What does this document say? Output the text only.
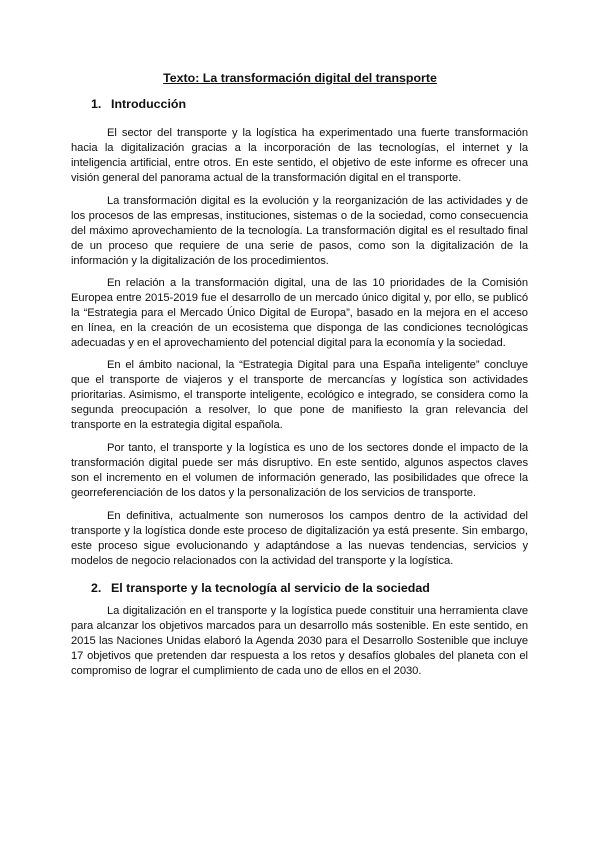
Texto: La transformación digital del transporte
1. Introducción

El sector del transporte y la logística ha experimentado una fuerte transformación hacia la digitalización gracias a la incorporación de las tecnologías, el internet y la inteligencia artificial, entre otros. En este sentido, el objetivo de este informe es ofrecer una visión general del panorama actual de la transformación digital en el transporte.

La transformación digital es la evolución y la reorganización de las actividades y de los procesos de las empresas, instituciones, sistemas o de la sociedad, como consecuencia del máximo aprovechamiento de la tecnología. La transformación digital es el resultado final de un proceso que requiere de una serie de pasos, como son la digitalización de la información y la digitalización de los procedimientos.

En relación a la transformación digital, una de las 10 prioridades de la Comisión Europea entre 2015-2019 fue el desarrollo de un mercado único digital y, por ello, se publicó la “Estrategia para el Mercado Único Digital de Europa”, basado en la mejora en el acceso en línea, en la creación de un ecosistema que disponga de las condiciones tecnológicas adecuadas y en el aprovechamiento del potencial digital para la economía y la sociedad.

En el ámbito nacional, la “Estrategia Digital para una España inteligente” concluye que el transporte de viajeros y el transporte de mercancías y logística son actividades prioritarias. Asimismo, el transporte inteligente, ecológico e integrado, se considera como la segunda preocupación a resolver, lo que pone de manifiesto la gran relevancia del transporte en la estrategia digital española.

Por tanto, el transporte y la logística es uno de los sectores donde el impacto de la transformación digital puede ser más disruptivo. En este sentido, algunos aspectos claves son el incremento en el volumen de información generado, las posibilidades que ofrece la georreferenciación de los datos y la personalización de los servicios de transporte.

En definitiva, actualmente son numerosos los campos dentro de la actividad del transporte y la logística donde este proceso de digitalización ya está presente. Sin embargo, este proceso sigue evolucionando y adaptándose a las nuevas tendencias, servicios y modelos de negocio relacionados con la actividad del transporte y la logística.

2. El transporte y la tecnología al servicio de la sociedad

La digitalización en el transporte y la logística puede constituir una herramienta clave para alcanzar los objetivos marcados para un desarrollo más sostenible. En este sentido, en 2015 las Naciones Unidas elaboró la Agenda 2030 para el Desarrollo Sostenible que incluye 17 objetivos que pretenden dar respuesta a los retos y desafíos globales del planeta con el compromiso de lograr el cumplimiento de cada uno de ellos en el 2030.
